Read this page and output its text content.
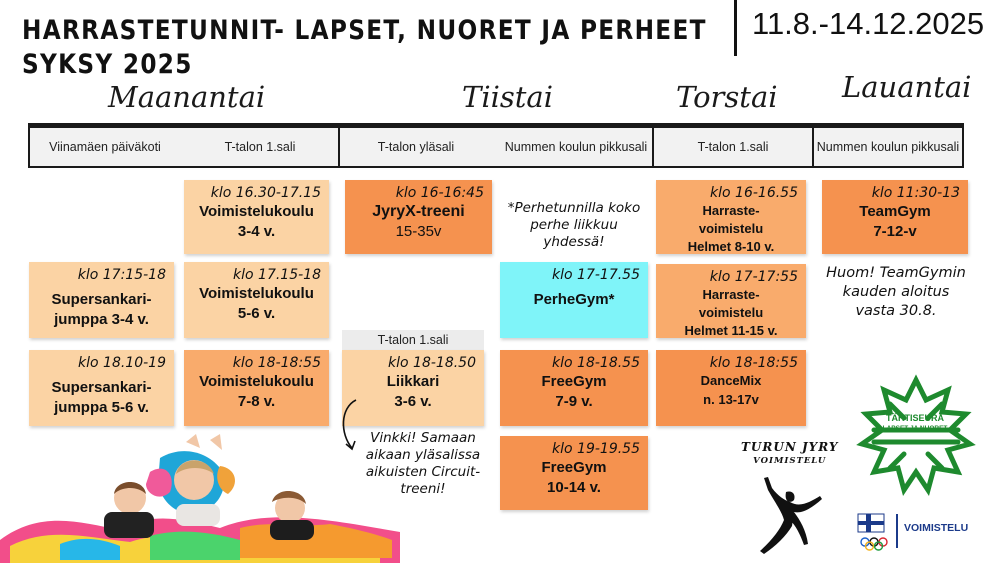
HARRASTETUNNIT- LAPSET, NUORET JA PERHEET
SYKSY 2025
11.8.-14.12.2025
Maanantai	Tiistai	Torstai Lauantai
Viinamäen päiväkoti	T-talon 1.sali	T-talon yläsali	Nummen koulun pikkusali	T-talon 1.sali	Nummen koulun pikkusali
klo 17:15-18
Supersankari-jumppa 3-4 v.
klo 18.10-19
Supersankari-jumppa 5-6 v.
klo 16.30-17.15
Voimistelukoulu
3-4 v.
klo 17.15-18
Voimistelukoulu
5-6 v.
klo 18-18:55
Voimistelukoulu
7-8 v.
klo 16-16:45
JyryX-treeni
15-35v
T-talon 1.sali
klo 18-18.50
Liikkari
3-6 v.
*Perhetunnilla koko perhe liikkuu yhdessä!
klo 17-17.55
PerheGym*
klo 18-18.55
FreeGym
7-9 v.
klo 19-19.55
FreeGym
10-14 v.
klo 16-16.55
Harraste-voimistelu
Helmet 8-10 v.
klo 17-17:55
Harraste-voimistelu
Helmet 11-15 v.
klo 18-18:55
DanceMix
n. 13-17v
klo 11:30-13
TeamGym
7-12-v
Huom! TeamGymin kauden aloitus vasta 30.8.
Vinkki! Samaan aikaan yläsalissa aikuisten Circuit-treeni!
TURUN JYRY
VOIMISTELU
TÄHTISEURA
LAPSET JA NUORET
VOIMISTELU
